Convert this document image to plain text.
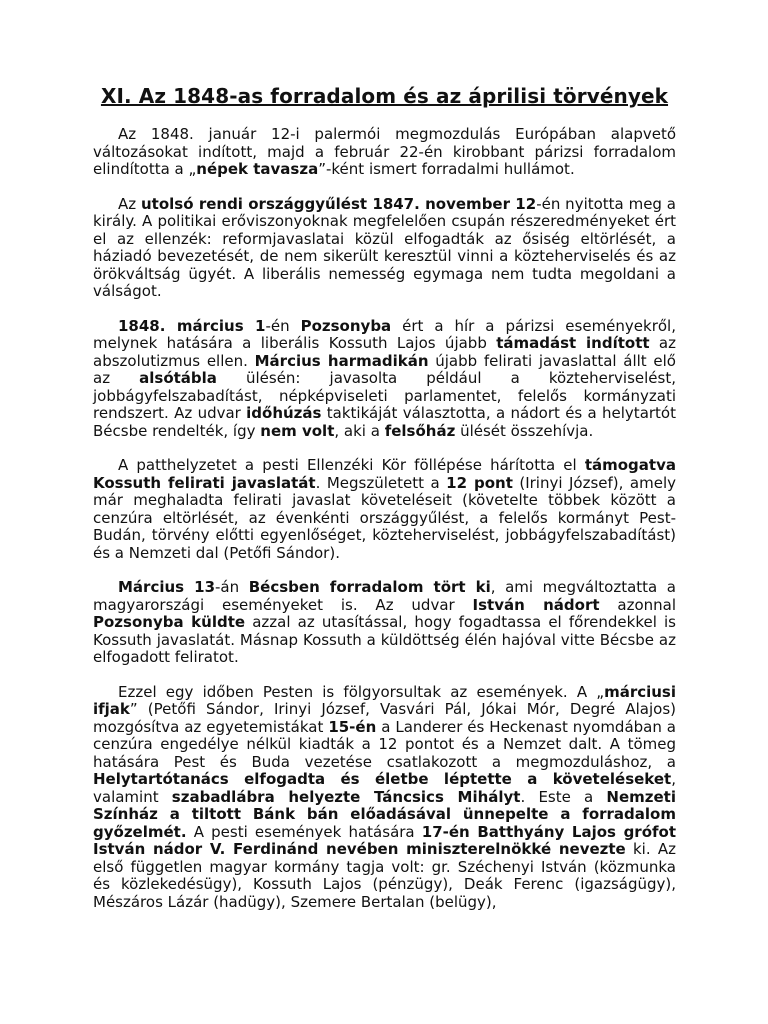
XI. Az 1848-as forradalom és az áprilisi törvények

Az 1848. január 12-i palermói megmozdulás Európában alapvető változásokat indított, majd a február 22-én kirobbant párizsi forradalom elindította a „népek tavasza”-ként ismert forradalmi hullámot.

Az utolsó rendi országgyűlést 1847. november 12-én nyitotta meg a király. A politikai erőviszonyoknak megfelelően csupán részeredményeket ért el az ellenzék: reformjavaslatai közül elfogadták az ősiség eltörlését, a háziadó bevezetését, de nem sikerült keresztül vinni a közteherviselés és az örökváltság ügyét. A liberális nemesség egymaga nem tudta megoldani a válságot.

1848. március 1-én Pozsonyba ért a hír a párizsi eseményekről, melynek hatására a liberális Kossuth Lajos újabb támadást indított az abszolutizmus ellen. Március harmadikán újabb felirati javaslattal állt elő az alsótábla ülésén: javasolta például a közteherviselést, jobbágyfelszabadítást, népképviseleti parlamentet, felelős kormányzati rendszert. Az udvar időhúzás taktikáját választotta, a nádort és a helytartót Bécsbe rendelték, így nem volt, aki a felsőház ülését összehívja.

A patthelyzetet a pesti Ellenzéki Kör föllépése hárította el támogatva Kossuth felirati javaslatát. Megszületett a 12 pont (Irinyi József), amely már meghaladta felirati javaslat követeléseit (követelte többek között a cenzúra eltörlését, az évenkénti országgyűlést, a felelős kormányt Pest-Budán, törvény előtti egyenlőséget, közteherviselést, jobbágyfelszabadítást) és a Nemzeti dal (Petőfi Sándor).

Március 13-án Bécsben forradalom tört ki, ami megváltoztatta a magyarországi eseményeket is. Az udvar István nádort azonnal Pozsonyba küldte azzal az utasítással, hogy fogadtassa el főrendekkel is Kossuth javaslatát. Másnap Kossuth a küldöttség élén hajóval vitte Bécsbe az elfogadott feliratot.

Ezzel egy időben Pesten is fölgyorsultak az események. A „márciusi ifjak” (Petőfi Sándor, Irinyi József, Vasvári Pál, Jókai Mór, Degré Alajos) mozgósítva az egyetemistákat 15-én a Landerer és Heckenast nyomdában a cenzúra engedélye nélkül kiadták a 12 pontot és a Nemzet dalt. A tömeg hatására Pest és Buda vezetése csatlakozott a megmozduláshoz, a Helytartótanács elfogadta és életbe léptette a követeléseket, valamint szabadlábra helyezte Táncsics Mihályt. Este a Nemzeti Színház a tiltott Bánk bán előadásával ünnepelte a forradalom győzelmét. A pesti események hatására 17-én Batthyány Lajos grófot István nádor V. Ferdinánd nevében miniszterelnökké nevezte ki. Az első független magyar kormány tagja volt: gr. Széchenyi István (közmunka és közlekedésügy), Kossuth Lajos (pénzügy), Deák Ferenc (igazságügy), Mészáros Lázár (hadügy), Szemere Bertalan (belügy),
